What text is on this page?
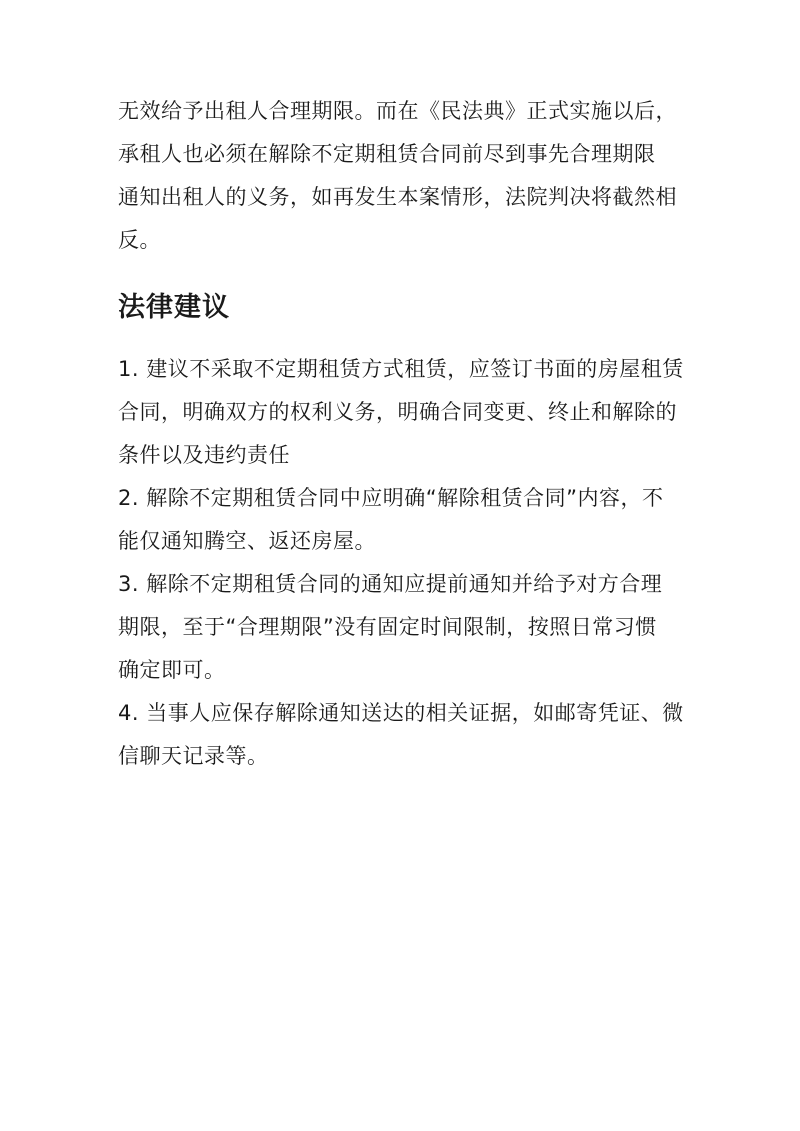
无效给予出租人合理期限。而在《民法典》正式实施以后，
承租人也必须在解除不定期租赁合同前尽到事先合理期限
通知出租人的义务，如再发生本案情形，法院判决将截然相
反。

法律建议

1. 建议不采取不定期租赁方式租赁，应签订书面的房屋租赁
合同，明确双方的权利义务，明确合同变更、终止和解除的
条件以及违约责任

2. 解除不定期租赁合同中应明确“解除租赁合同”内容，不
能仅通知腾空、返还房屋。

3. 解除不定期租赁合同的通知应提前通知并给予对方合理
期限，至于“合理期限”没有固定时间限制，按照日常习惯
确定即可。

4. 当事人应保存解除通知送达的相关证据，如邮寄凭证、微
信聊天记录等。
